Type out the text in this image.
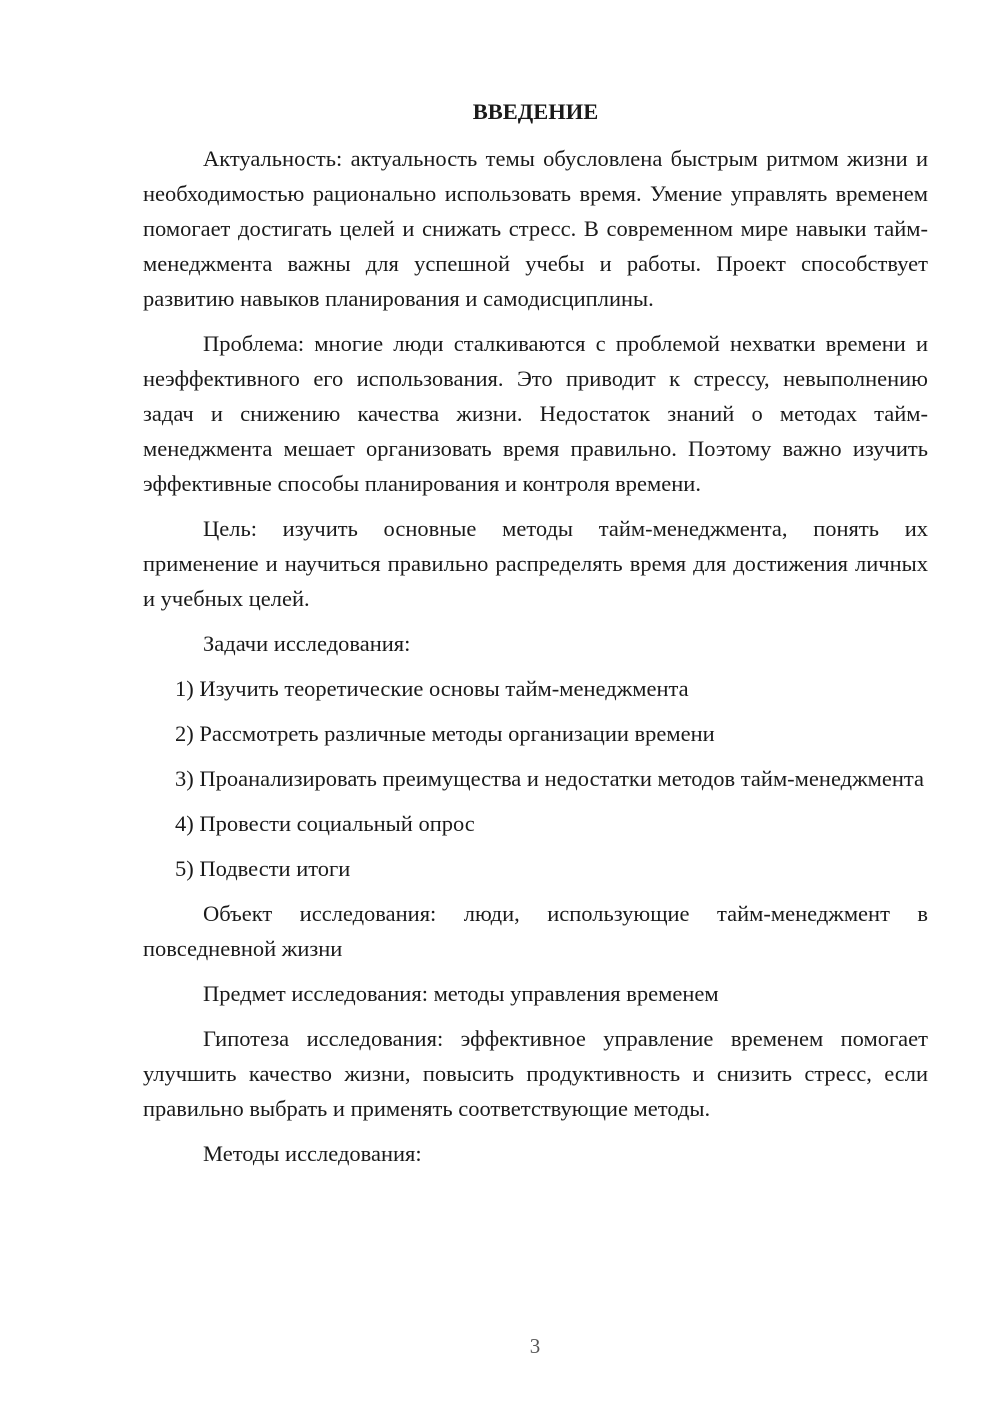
ВВЕДЕНИЕ

Актуальность: актуальность темы обусловлена быстрым ритмом жизни и необходимостью рационально использовать время. Умение управлять временем помогает достигать целей и снижать стресс. В современном мире навыки тайм-менеджмента важны для успешной учебы и работы. Проект способствует развитию навыков планирования и самодисциплины.

Проблема: многие люди сталкиваются с проблемой нехватки времени и неэффективного его использования. Это приводит к стрессу, невыполнению задач и снижению качества жизни. Недостаток знаний о методах тайм-менеджмента мешает организовать время правильно. Поэтому важно изучить эффективные способы планирования и контроля времени.

Цель: изучить основные методы тайм-менеджмента, понять их применение и научиться правильно распределять время для достижения личных и учебных целей.

Задачи исследования:

1) Изучить теоретические основы тайм-менеджмента

2) Рассмотреть различные методы организации времени

3) Проанализировать преимущества и недостатки методов тайм-менеджмента

4) Провести социальный опрос

5) Подвести итоги

Объект исследования: люди, использующие тайм-менеджмент в повседневной жизни

Предмет исследования: методы управления временем

Гипотеза исследования: эффективное управление временем помогает улучшить качество жизни, повысить продуктивность и снизить стресс, если правильно выбрать и применять соответствующие методы.

Методы исследования:

3
